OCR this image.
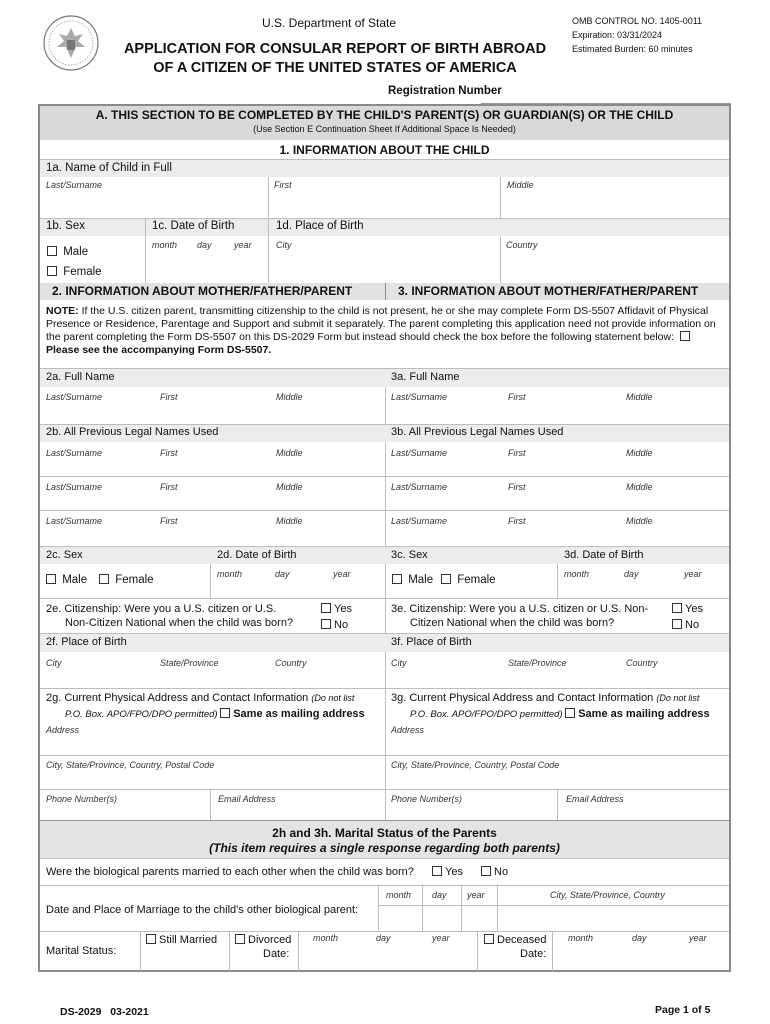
U.S. Department of State
APPLICATION FOR CONSULAR REPORT OF BIRTH ABROAD
OF A CITIZEN OF THE UNITED STATES OF AMERICA
OMB CONTROL NO. 1405-0011
Expiration: 03/31/2024
Estimated Burden: 60 minutes
Registration Number
A. THIS SECTION TO BE COMPLETED BY THE CHILD'S PARENT(S) OR GUARDIAN(S) OR THE CHILD
(Use Section E Continuation Sheet If Additional Space Is Needed)
1. INFORMATION ABOUT THE CHILD
1a. Name of Child in Full
Last/Surname	First	Middle
1b. Sex	1c. Date of Birth	1d. Place of Birth
month day year	City	Country
Male
Female
2. INFORMATION ABOUT MOTHER/FATHER/PARENT	3. INFORMATION ABOUT MOTHER/FATHER/PARENT
NOTE: If the U.S. citizen parent, transmitting citizenship to the child is not present, he or she may complete Form DS-5507 Affidavit of Physical Presence or Residence, Parentage and Support and submit it separately. The parent completing this application need not provide information on the parent completing the Form DS-5507 on this DS-2029 Form but instead should check the box before the following statement below:  Please see the accompanying Form DS-5507.
2a. Full Name	3a. Full Name
Last/Surname	First	Middle	Last/Surname	First	Middle
2b. All Previous Legal Names Used	3b. All Previous Legal Names Used
Last/Surname	First	Middle	Last/Surname	First	Middle
Last/Surname	First	Middle	Last/Surname	First	Middle
Last/Surname	First	Middle	Last/Surname	First	Middle
2c. Sex	2d. Date of Birth	3c. Sex	3d. Date of Birth
Male	Female	month	day	year	Male	Female	month	day	year
2e. Citizenship: Were you a U.S. citizen or U.S.
Non-Citizen National when the child was born?
Yes
No
3e. Citizenship: Were you a U.S. citizen or U.S. Non-
Citizen National when the child was born?
Yes
No
2f. Place of Birth	3f. Place of Birth
City	State/Province	Country	City	State/Province	Country
2g. Current Physical Address and Contact Information (Do not list
P.O. Box. APO/FPO/DPO permitted) Same as mailing address
3g. Current Physical Address and Contact Information (Do not list
P.O. Box. APO/FPO/DPO permitted) Same as mailing address
Address	Address
City, State/Province, Country, Postal Code	City, State/Province, Country, Postal Code
Phone Number(s)	Email Address	Phone Number(s)	Email Address
2h and 3h. Marital Status of the Parents
(This item requires a single response regarding both parents)
Were the biological parents married to each other when the child was born?	Yes	No
Date and Place of Marriage to the child's other biological parent:
month day year	City, State/Province, Country
Marital Status:
Still Married	Divorced
Date:
month	day	year	Deceased
Date:
month	day	year
DS-2029   03-2021	Page 1 of 5
